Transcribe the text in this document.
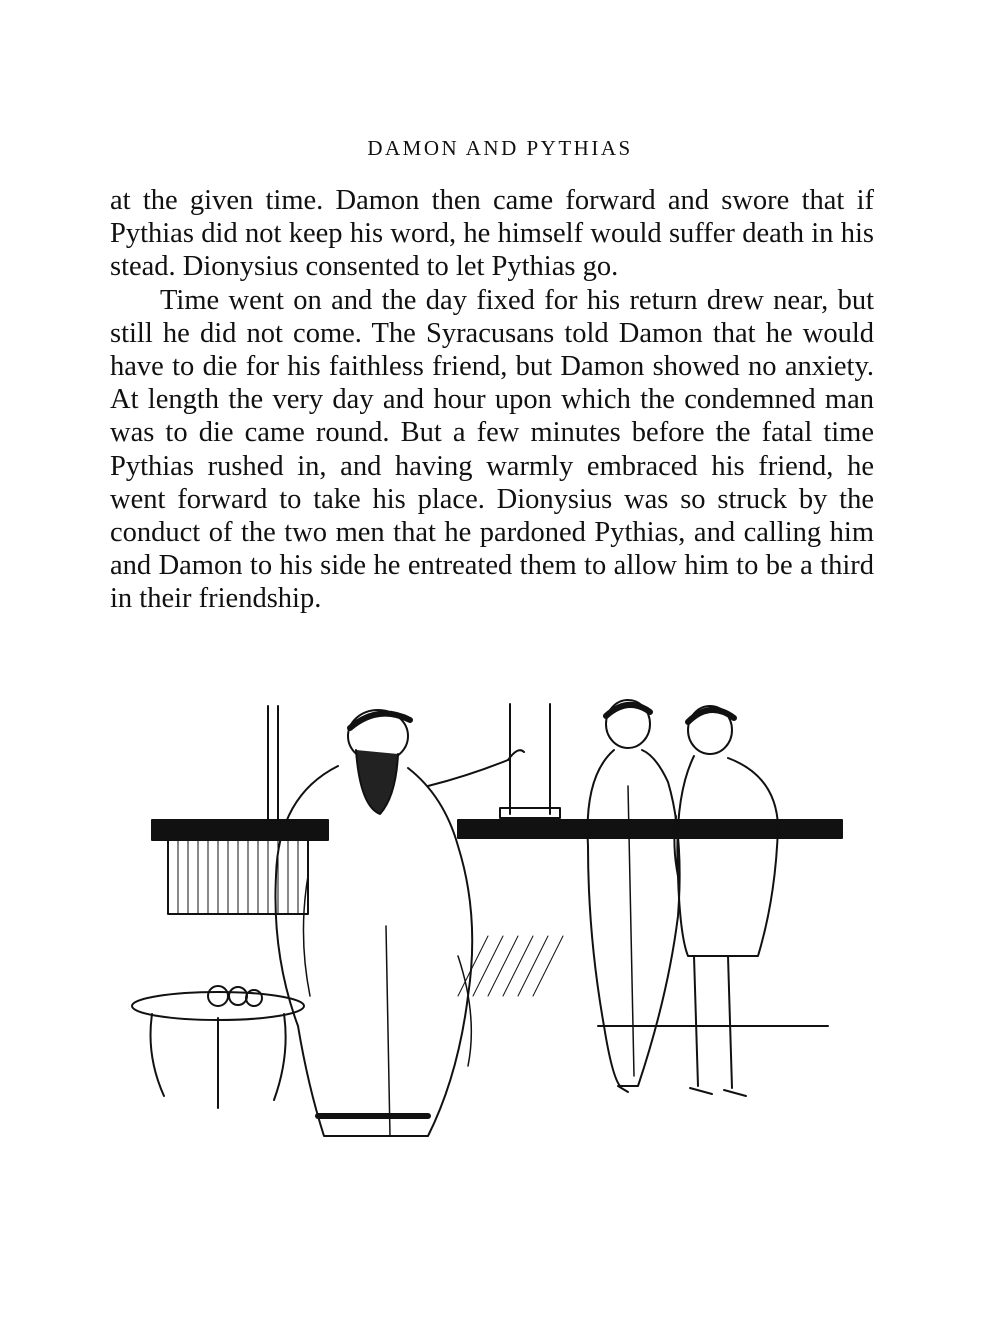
DAMON AND PYTHIAS

at the given time. Damon then came forward and swore that if Pythias did not keep his word, he himself would suffer death in his stead. Dionysius consented to let Pythias go.

Time went on and the day fixed for his return drew near, but still he did not come. The Syracusans told Damon that he would have to die for his faithless friend, but Damon showed no anxiety. At length the very day and hour upon which the condemned man was to die came round. But a few minutes before the fatal time Pythias rushed in, and having warmly embraced his friend, he went forward to take his place. Dionysius was so struck by the conduct of the two men that he pardoned Pythias, and calling him and Damon to his side he entreated them to allow him to be a third in their friendship.
